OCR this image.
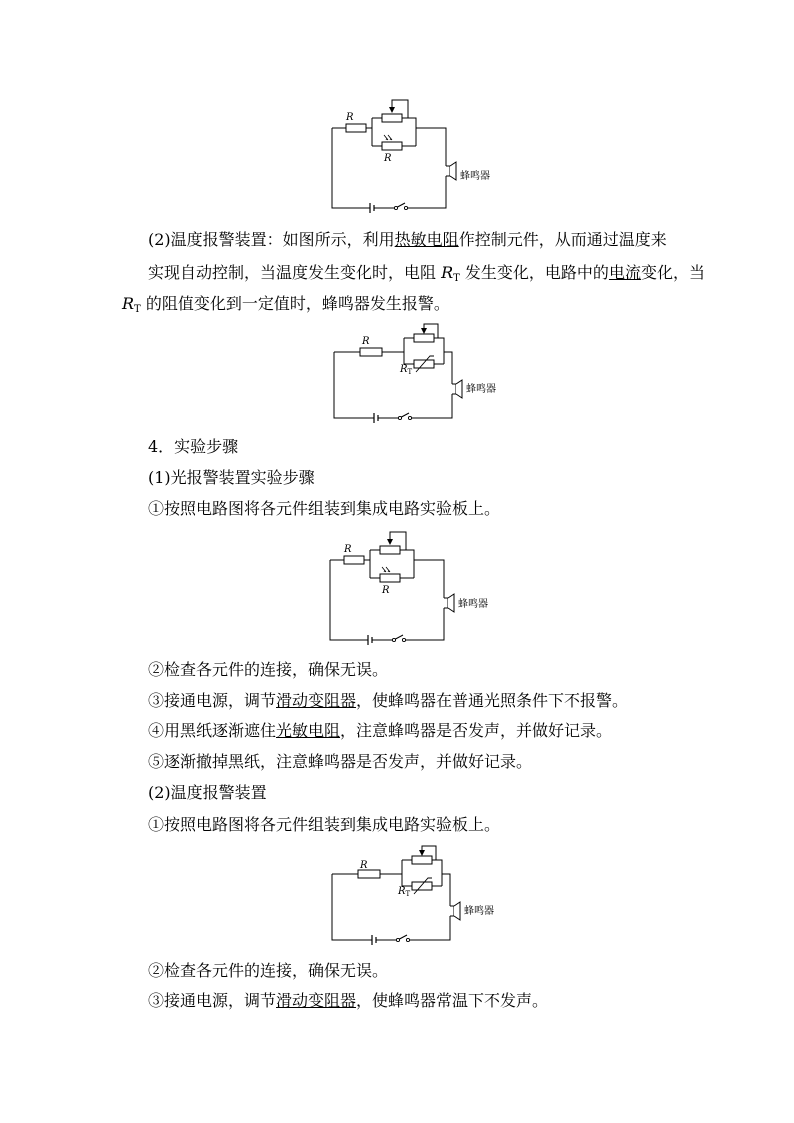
R
R
蜂鸣器
(2)温度报警装置：如图所示，利用热敏电阻作控制元件，从而通过温度来
实现自动控制，当温度发生变化时，电阻 $R_T$ 发生变化，电路中的电流变化，当
$R_T$ 的阻值变化到一定值时，蜂鸣器发生报警。
R
$R_T$
蜂鸣器
4．实验步骤
(1)光报警装置实验步骤
①按照电路图将各元件组装到集成电路实验板上。
R
R
蜂鸣器
②检查各元件的连接，确保无误。
③接通电源，调节滑动变阻器，使蜂鸣器在普通光照条件下不报警。
④用黑纸逐渐遮住光敏电阻，注意蜂鸣器是否发声，并做好记录。
⑤逐渐撤掉黑纸，注意蜂鸣器是否发声，并做好记录。
(2)温度报警装置
①按照电路图将各元件组装到集成电路实验板上。
R
$R_T$
蜂鸣器
②检查各元件的连接，确保无误。
③接通电源，调节滑动变阻器，使蜂鸣器常温下不发声。
